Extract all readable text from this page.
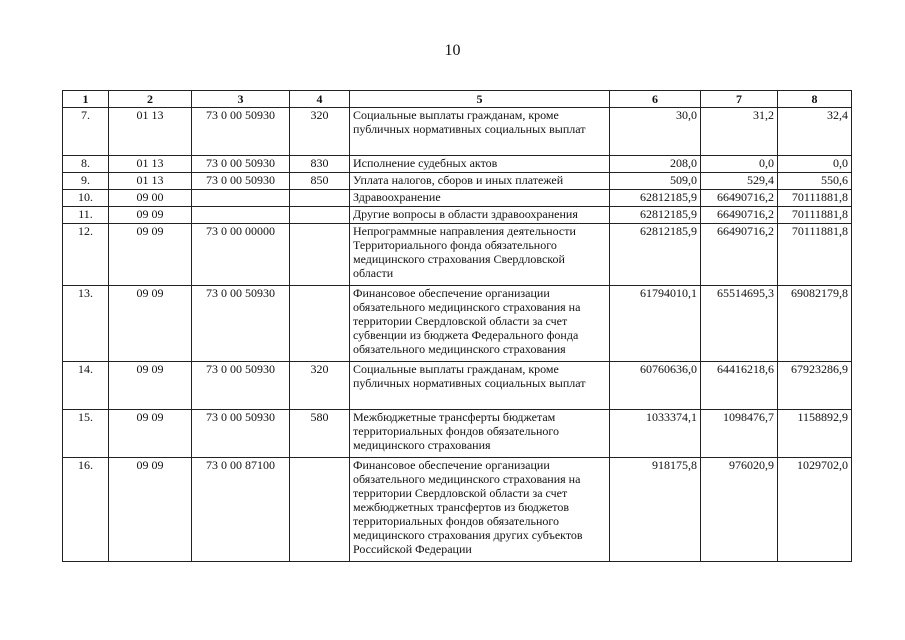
10
1	2	3	4	5	6	7	8
7.	01 13	73 0 00 50930	320	Социальные выплаты гражданам, кроме публичных нормативных социальных выплат	30,0	31,2	32,4
8.	01 13	73 0 00 50930	830	Исполнение судебных актов	208,0	0,0	0,0
9.	01 13	73 0 00 50930	850	Уплата налогов, сборов и иных платежей	509,0	529,4	550,6
10.	09 00			Здравоохранение	62812185,9	66490716,2	70111881,8
11.	09 09			Другие вопросы в области здравоохранения	62812185,9	66490716,2	70111881,8
12.	09 09	73 0 00 00000		Непрограммные направления деятельности Территориального фонда обязательного медицинского страхования Свердловской области	62812185,9	66490716,2	70111881,8
13.	09 09	73 0 00 50930		Финансовое обеспечение организации обязательного медицинского страхования на территории Свердловской области за счет субвенции из бюджета Федерального фонда обязательного медицинского страхования	61794010,1	65514695,3	69082179,8
14.	09 09	73 0 00 50930	320	Социальные выплаты гражданам, кроме публичных нормативных социальных выплат	60760636,0	64416218,6	67923286,9
15.	09 09	73 0 00 50930	580	Межбюджетные трансферты бюджетам территориальных фондов обязательного медицинского страхования	1033374,1	1098476,7	1158892,9
16.	09 09	73 0 00 87100		Финансовое обеспечение организации обязательного медицинского страхования на территории Свердловской области за счет межбюджетных трансфертов из бюджетов территориальных фондов обязательного медицинского страхования других субъектов Российской Федерации	918175,8	976020,9	1029702,0
